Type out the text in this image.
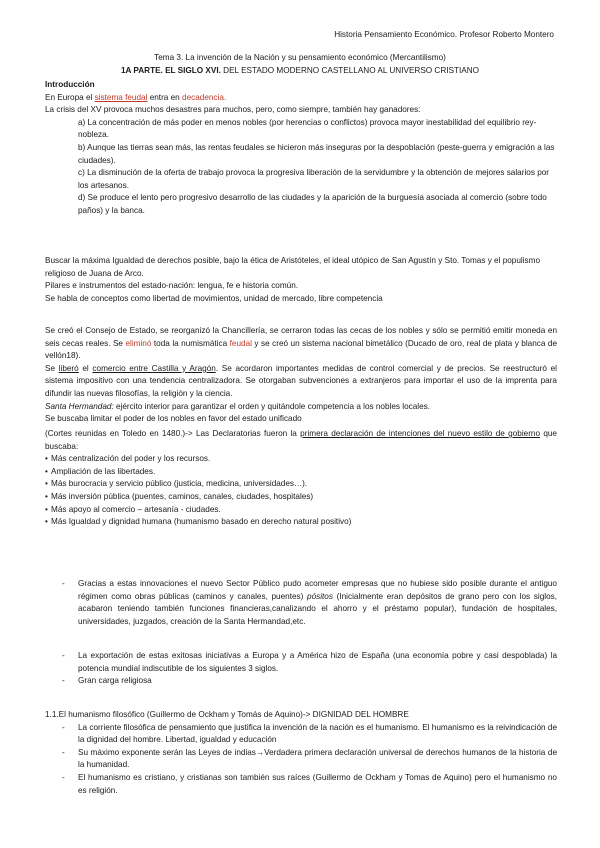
Historia Pensamiento Económico. Profesor Roberto Montero
Tema 3. La invención de la Nación y su pensamiento económico (Mercantilismo)
1A PARTE. EL SIGLO XVI. DEL ESTADO MODERNO CASTELLANO AL UNIVERSO CRISTIANO

Introducción

En Europa el sistema feudal entra en decadencia.

La crisis del XV provoca muchos desastres para muchos, pero, como siempre, también hay ganadores:

a) La concentración de más poder en menos nobles (por herencias o conflictos) provoca mayor inestabilidad del equilibrio rey-nobleza.

b) Aunque las tierras sean más, las rentas feudales se hicieron más inseguras por la despoblación (peste-guerra y emigración a las ciudades).

c) La disminución de la oferta de trabajo provoca la progresiva liberación de la servidumbre y la obtención de mejores salarios por los artesanos.

d) Se produce el lento pero progresivo desarrollo de las ciudades y la aparición de la burguesía asociada al comercio (sobre todo paños) y la banca.

Buscar la máxima Igualdad de derechos posible, bajo la ética de Aristóteles, el ideal utópico de San Agustín y Sto. Tomas y el populismo religioso de Juana de Arco.

Pilares e instrumentos del estado-nación: lengua, fe e historia común.

Se habla de conceptos como libertad de movimientos, unidad de mercado, libre competencia

Se creó el Consejo de Estado, se reorganizó la Chancillería, se cerraron todas las cecas de los nobles y sólo se permitió emitir moneda en seis cecas reales. Se eliminó toda la numismática feudal y se creó un sistema nacional bimetálico (Ducado de oro, real de plata y blanca de vellón18).

Se liberó el comercio entre Castilla y Aragón. Se acordaron importantes medidas de control comercial y de precios. Se reestructuró el sistema impositivo con una tendencia centralizadora. Se otorgaban subvenciones a extranjeros para importar el uso de la imprenta para difundir las nuevas filosofías, la religión y la ciencia.

Santa Hermandad: ejército interior para garantizar el orden y quitándole competencia a los nobles locales.

Se buscaba limitar el poder de los nobles en favor del estado unificado

(Cortes reunidas en Toledo en 1480.)-> Las Declaratorias fueron la primera declaración de intenciones del nuevo estilo de gobierno que buscaba:

• Más centralización del poder y los recursos.
• Ampliación de las libertades.
• Más burocracia y servicio público (justicia, medicina, universidades…).
• Más inversión pública (puentes, caminos, canales, ciudades, hospitales)
• Más apoyo al comercio – artesanía - ciudades.
• Más Igualdad y dignidad humana (humanismo basado en derecho natural positivo)
- Gracias a estas innovaciones el nuevo Sector Público pudo acometer empresas que no hubiese sido posible durante el antiguo régimen como obras públicas (caminos y canales, puentes) pósitos (Inicialmente eran depósitos de grano pero con los siglos, acabaron teniendo también funciones financieras,canalizando el ahorro y el préstamo popular), fundación de hospitales, universidades, juzgados, creación de la Santa Hermandad,etc.
- La exportación de estas exitosas iniciativas a Europa y a América hizo de España (una economía pobre y casi despoblada) la potencia mundial indiscutible de los siguientes 3 siglos.
- Gran carga religiosa

1.1.El humanismo filosófico (Guillermo de Ockham y Tomás de Aquino)-> DIGNIDAD DEL HOMBRE

- La corriente filosófica de pensamiento que justifica la invención de la nación es el humanismo. El humanismo es la reivindicación de la dignidad del hombre. Libertad, igualdad y educación
- Su máximo exponente serán las Leyes de indias→Verdadera primera declaración universal de derechos humanos de la historia de la humanidad.
- El humanismo es cristiano, y cristianas son también sus raíces (Guillermo de Ockham y Tomas de Aquino) pero el humanismo no es religión.
